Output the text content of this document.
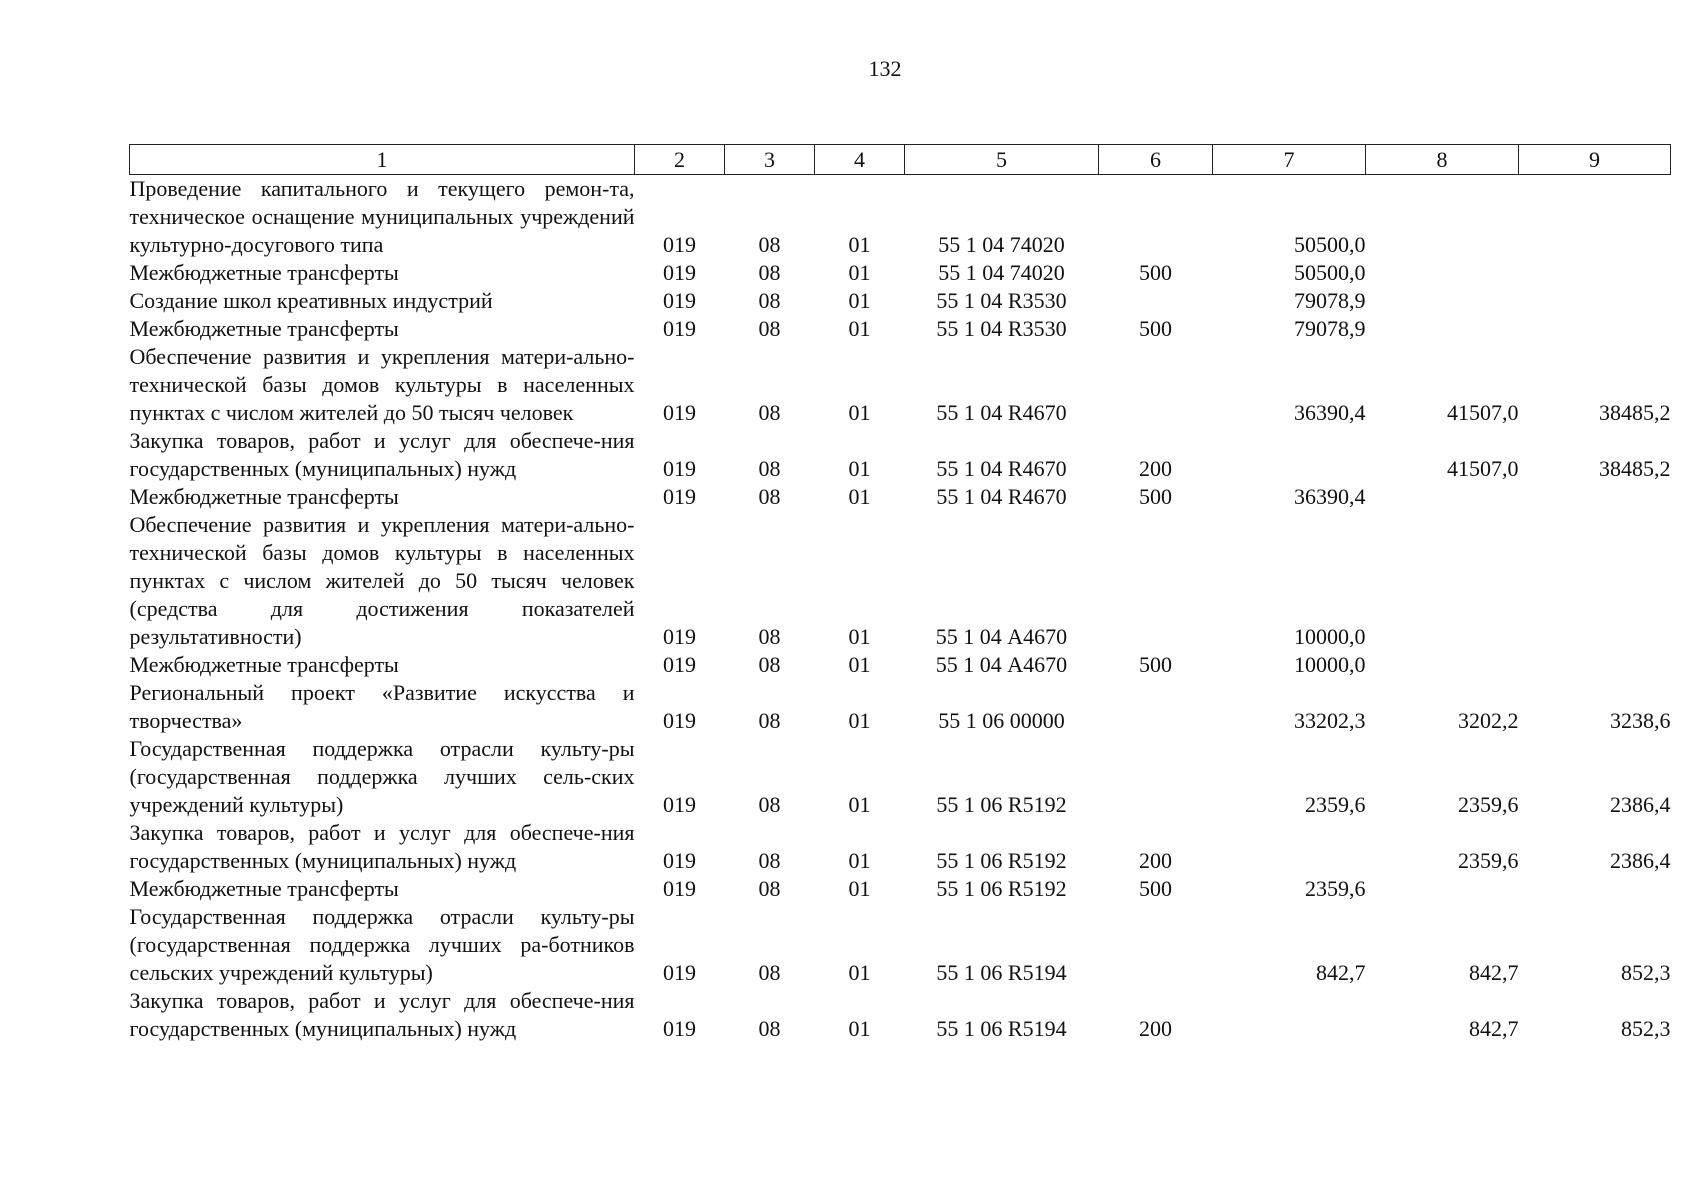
132
1	2	3	4	5	6	7	8	9
Проведение капитального и текущего ремон-та, техническое оснащение муниципальных учреждений культурно-досугового типа	019	08	01	55 1 04 74020		50500,0		
Межбюджетные трансферты	019	08	01	55 1 04 74020	500	50500,0		
Создание школ креативных индустрий	019	08	01	55 1 04 R3530		79078,9		
Межбюджетные трансферты	019	08	01	55 1 04 R3530	500	79078,9		
Обеспечение развития и укрепления матери-ально-технической базы домов культуры в населенных пунктах с числом жителей до 50 тысяч человек	019	08	01	55 1 04 R4670		36390,4	41507,0	38485,2
Закупка товаров, работ и услуг для обеспече-ния государственных (муниципальных) нужд	019	08	01	55 1 04 R4670	200		41507,0	38485,2
Межбюджетные трансферты	019	08	01	55 1 04 R4670	500	36390,4		
Обеспечение развития и укрепления матери-ально-технической базы домов культуры в населенных пунктах с числом жителей до 50 тысяч человек (средства для достижения показателей результативности)	019	08	01	55 1 04 А4670		10000,0		
Межбюджетные трансферты	019	08	01	55 1 04 А4670	500	10000,0		
Региональный проект «Развитие искусства и творчества»	019	08	01	55 1 06 00000		33202,3	3202,2	3238,6
Государственная поддержка отрасли культу-ры (государственная поддержка лучших сель-ских учреждений культуры)	019	08	01	55 1 06 R5192		2359,6	2359,6	2386,4
Закупка товаров, работ и услуг для обеспече-ния государственных (муниципальных) нужд	019	08	01	55 1 06 R5192	200		2359,6	2386,4
Межбюджетные трансферты	019	08	01	55 1 06 R5192	500	2359,6		
Государственная поддержка отрасли культу-ры (государственная поддержка лучших ра-ботников сельских учреждений культуры)	019	08	01	55 1 06 R5194		842,7	842,7	852,3
Закупка товаров, работ и услуг для обеспече-ния государственных (муниципальных) нужд	019	08	01	55 1 06 R5194	200		842,7	852,3
